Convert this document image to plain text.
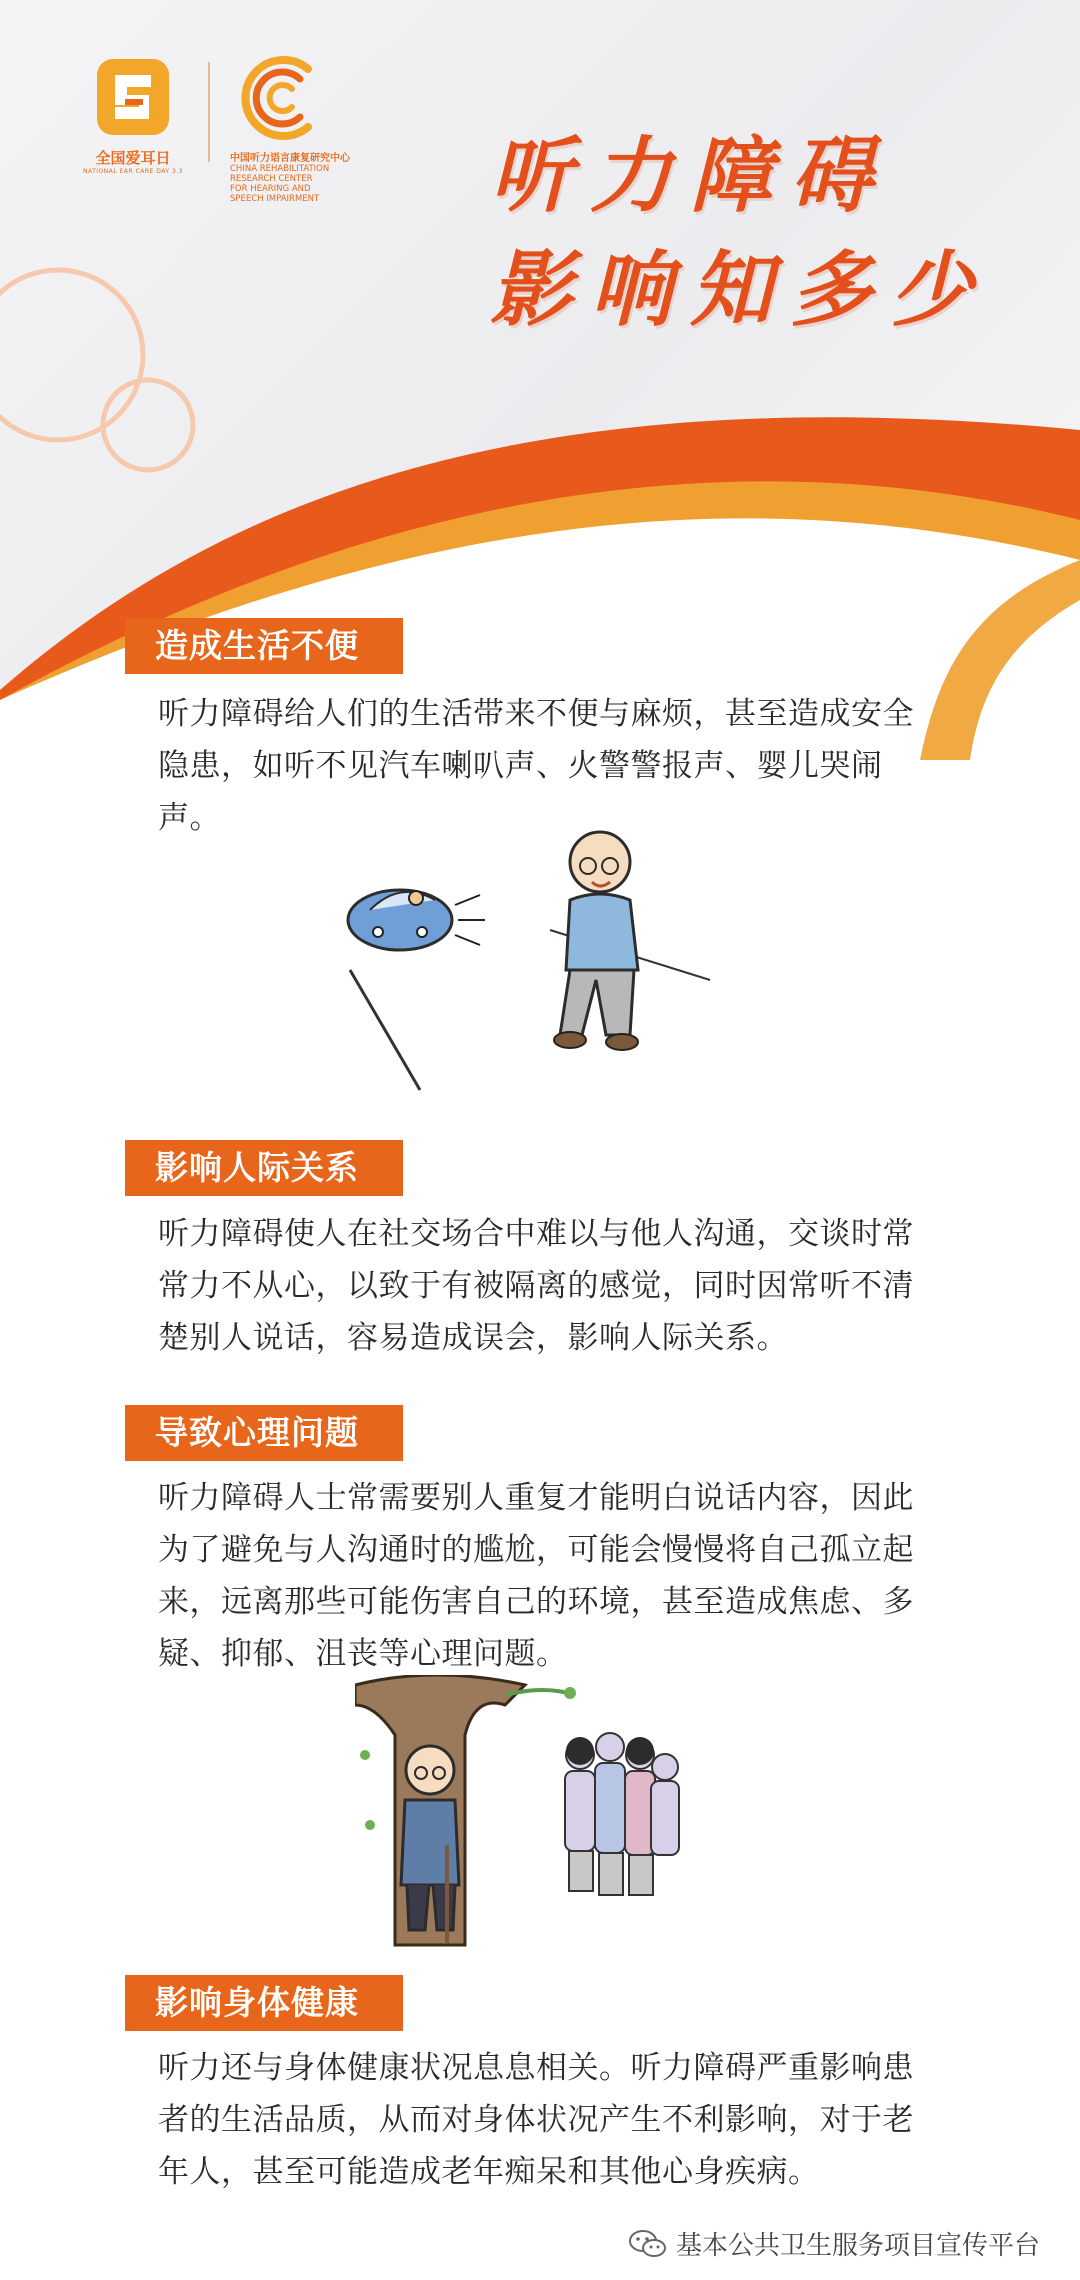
全国爱耳日
NATIONAL EAR CARE DAY 3.3
中国听力语言康复研究中心
CHINA REHABILITATION
RESEARCH CENTER
FOR HEARING AND
SPEECH IMPAIRMENT	听力障碍
影响知多少
造成生活不便
听力障碍给人们的生活带来不便与麻烦，甚至造成安全隐患，如听不见汽车喇叭声、火警警报声、婴儿哭闹声。
影响人际关系
听力障碍使人在社交场合中难以与他人沟通，交谈时常常力不从心，以致于有被隔离的感觉，同时因常听不清楚别人说话，容易造成误会，影响人际关系。
导致心理问题
听力障碍人士常需要别人重复才能明白说话内容，因此为了避免与人沟通时的尴尬，可能会慢慢将自己孤立起来，远离那些可能伤害自己的环境，甚至造成焦虑、多疑、抑郁、沮丧等心理问题。
影响身体健康
听力还与身体健康状况息息相关。听力障碍严重影响患者的生活品质，从而对身体状况产生不利影响，对于老年人，甚至可能造成老年痴呆和其他心身疾病。
基本公共卫生服务项目宣传平台
